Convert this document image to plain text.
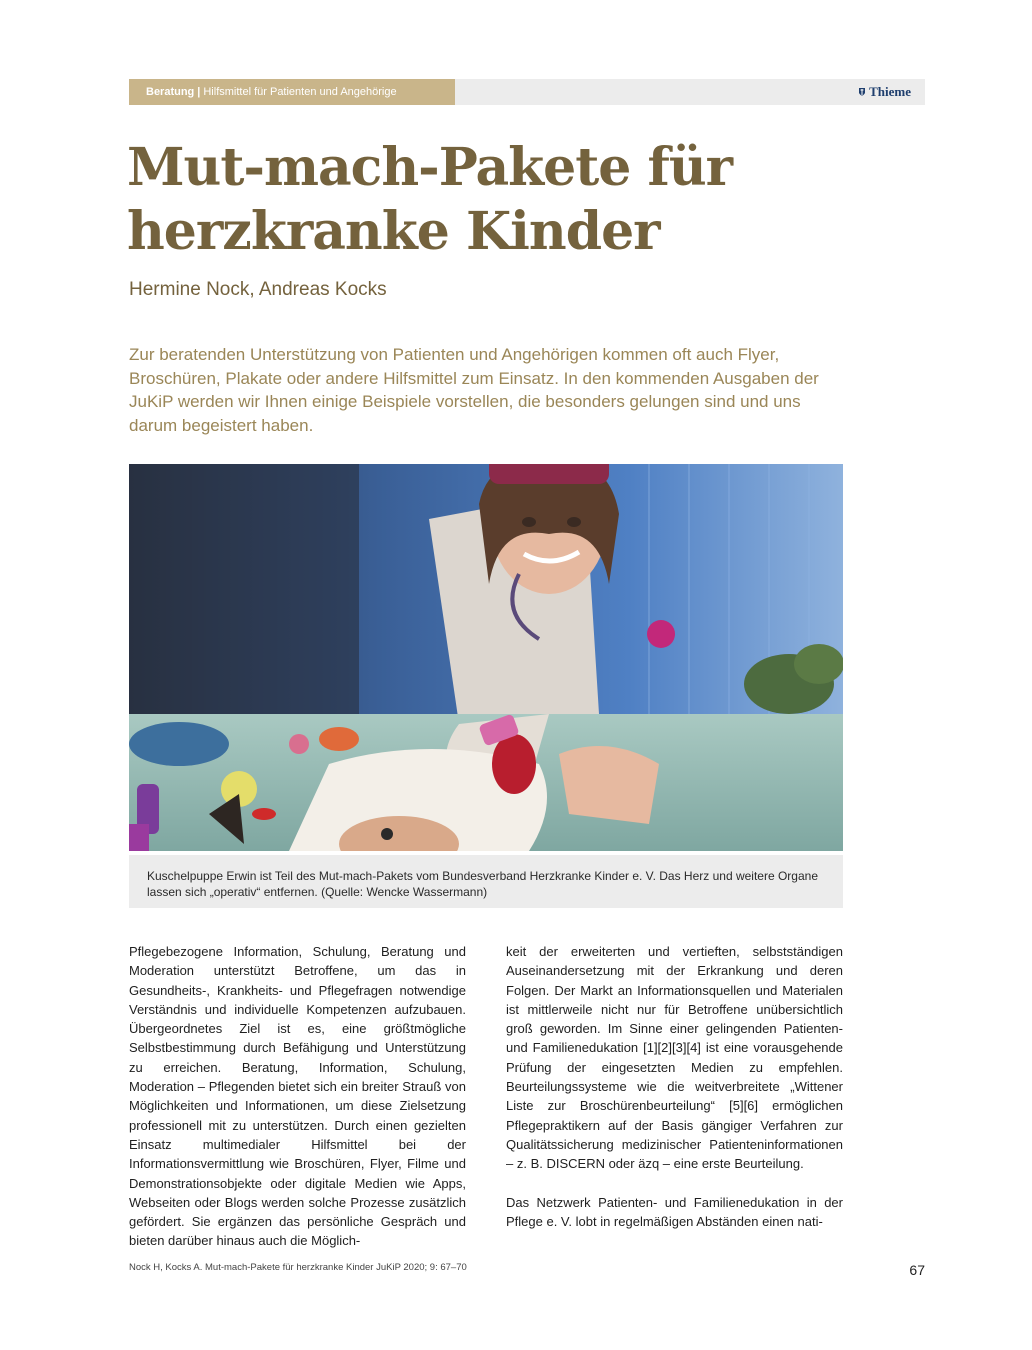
Beratung | Hilfsmittel für Patienten und Angehörige	Thieme
Mut-mach-Pakete für herzkranke Kinder
Hermine Nock, Andreas Kocks
Zur beratenden Unterstützung von Patienten und Angehörigen kommen oft auch Flyer, Broschüren, Plakate oder andere Hilfsmittel zum Einsatz. In den kommenden Ausgaben der JuKiP werden wir Ihnen einige Beispiele vorstellen, die besonders gelungen sind und uns darum begeistert haben.
Kuschelpuppe Erwin ist Teil des Mut-mach-Pakets vom Bundesverband Herzkranke Kinder e. V. Das Herz und weitere Organe lassen sich „operativ“ entfernen. (Quelle: Wencke Wassermann)

Pflegebezogene Information, Schulung, Beratung und Moderation unterstützt Betroffene, um das in Gesundheits-, Krankheits- und Pflegefragen notwendige Verständnis und individuelle Kompetenzen aufzubauen. Übergeordnetes Ziel ist es, eine größtmögliche Selbstbestimmung durch Befähigung und Unterstützung zu erreichen. Beratung, Information, Schulung, Moderation – Pflegenden bietet sich ein breiter Strauß von Möglichkeiten und Informationen, um diese Zielsetzung professionell mit zu unterstützen. Durch einen gezielten Einsatz multimedialer Hilfsmittel bei der Informationsvermittlung wie Broschüren, Flyer, Filme und Demonstrationsobjekte oder digitale Medien wie Apps, Webseiten oder Blogs werden solche Prozesse zusätzlich gefördert. Sie ergänzen das persönliche Gespräch und bieten darüber hinaus auch die Möglich-

keit der erweiterten und vertieften, selbstständigen Auseinandersetzung mit der Erkrankung und deren Folgen. Der Markt an Informationsquellen und Materialen ist mittlerweile nicht nur für Betroffene unübersichtlich groß geworden. Im Sinne einer gelingenden Patienten- und Familienedukation [1][2][3][4] ist eine vorausgehende Prüfung der eingesetzten Medien zu empfehlen. Beurteilungssysteme wie die weitverbreitete „Wittener Liste zur Broschürenbeurteilung“ [5][6] ermöglichen Pflegepraktikern auf der Basis gängiger Verfahren zur Qualitätssicherung medizinischer Patienteninformationen – z. B. DISCERN oder äzq – eine erste Beurteilung.

Das Netzwerk Patienten- und Familienedukation in der Pflege e. V. lobt in regelmäßigen Abständen einen nati-

Nock H, Kocks A. Mut-mach-Pakete für herzkranke Kinder JuKiP 2020; 9: 67–70	67
